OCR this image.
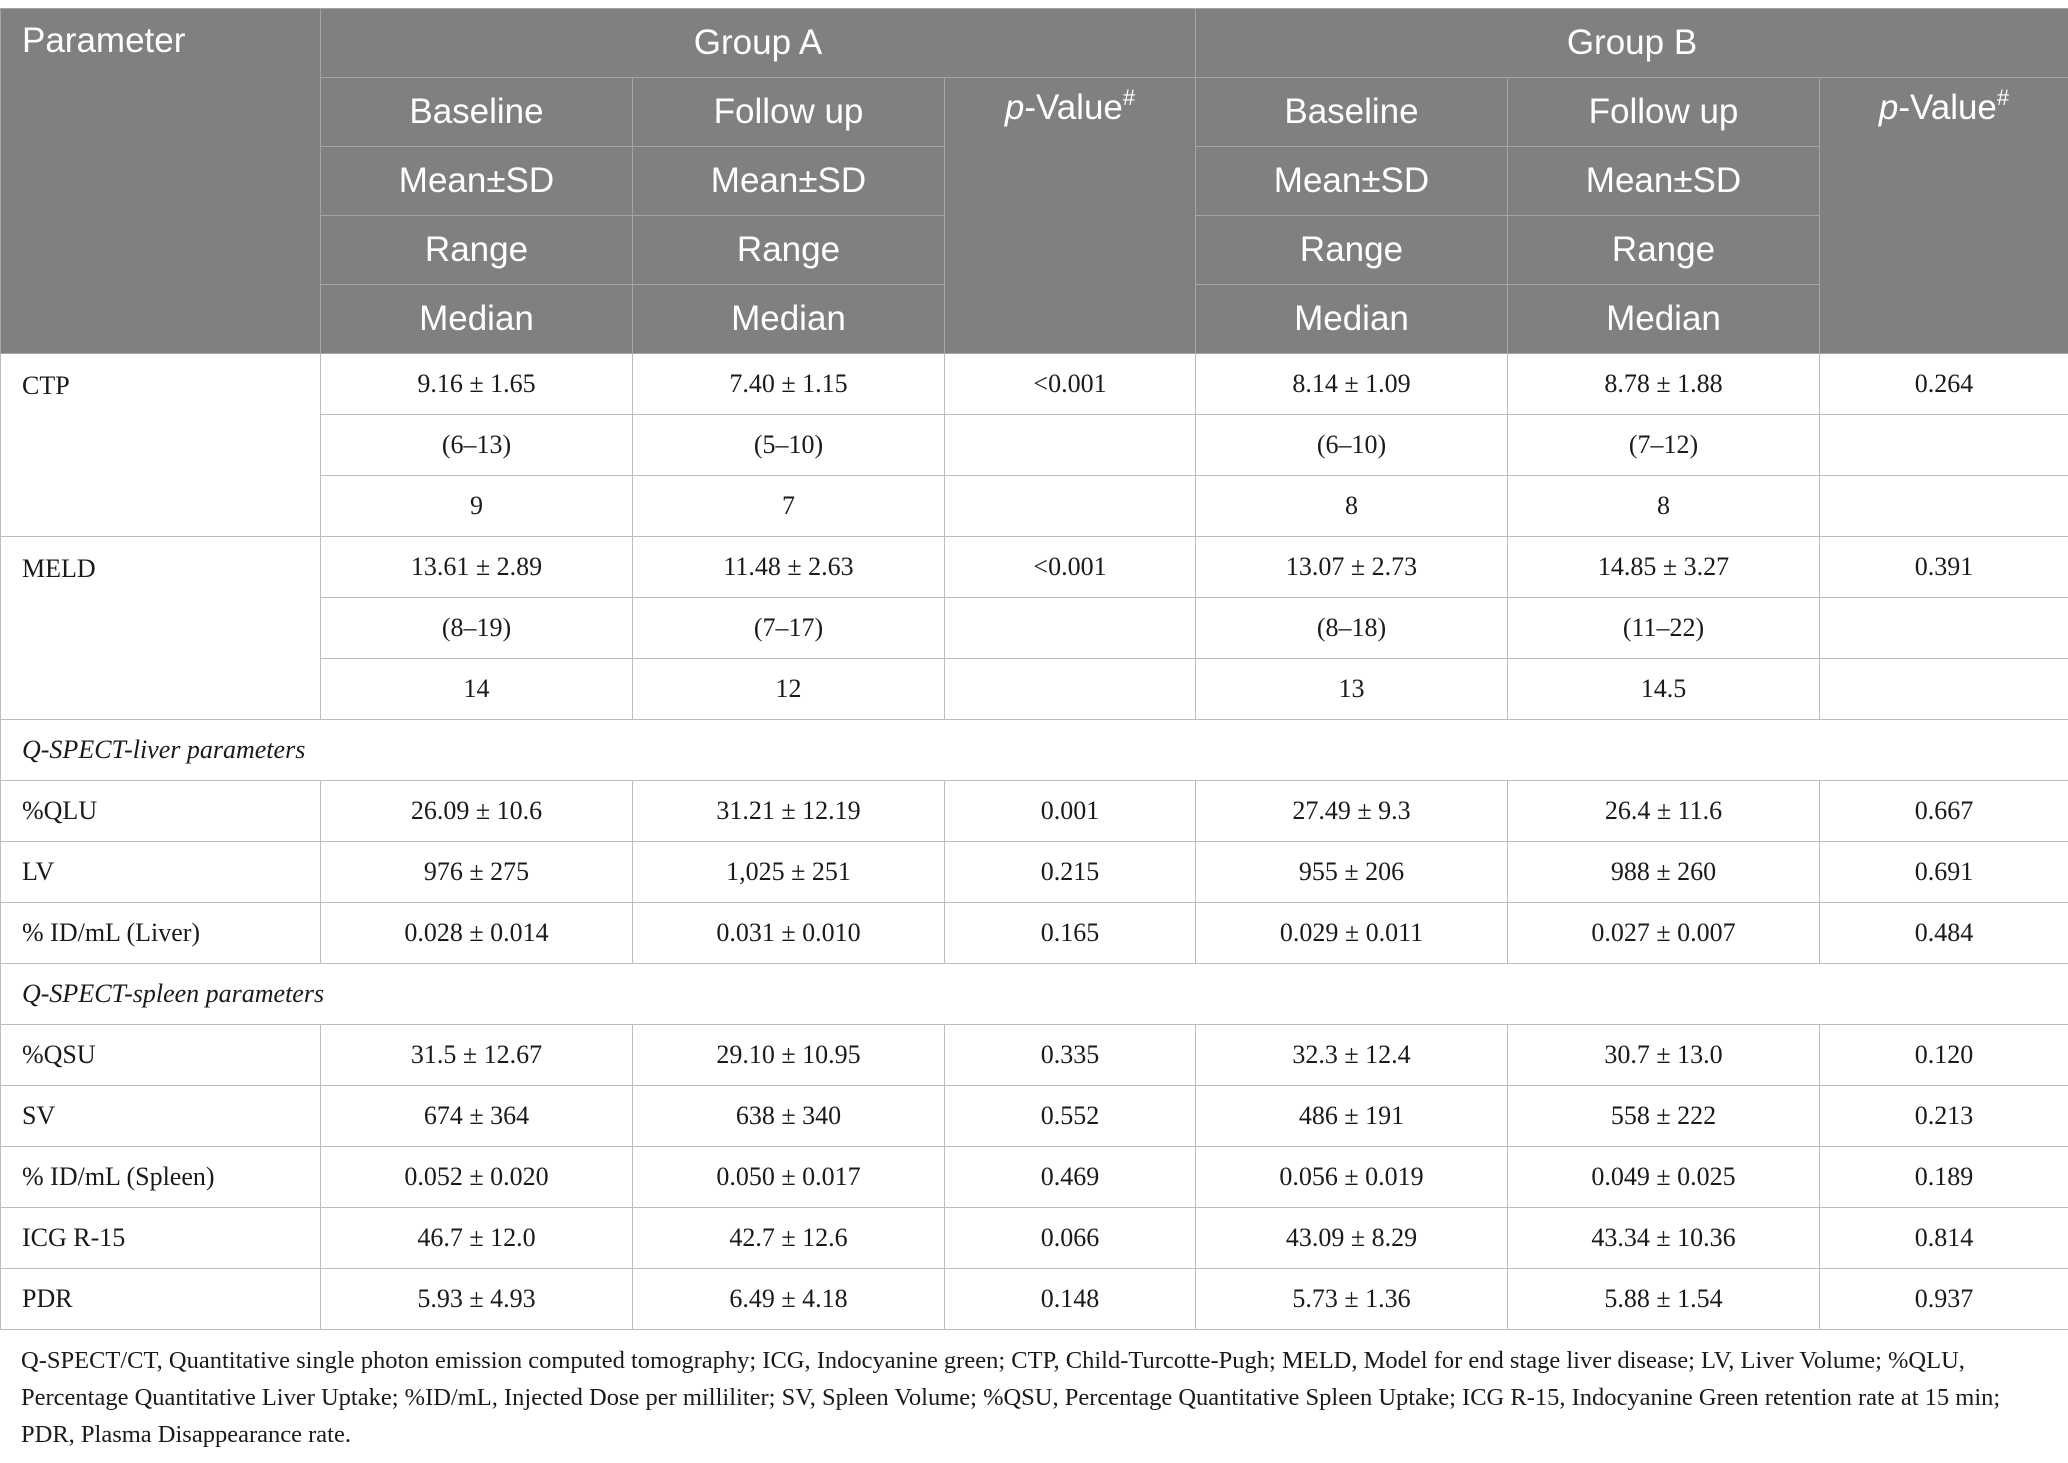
Parameter	Group A			Group B		
	Baseline	Follow up	p-Value#	Baseline	Follow up	p-Value#
	Mean±SD	Mean±SD		Mean±SD	Mean±SD	
	Range	Range		Range	Range	
	Median	Median		Median	Median	
CTP	9.16 ± 1.65	7.40 ± 1.15	<0.001	8.14 ± 1.09	8.78 ± 1.88	0.264
	(6–13)	(5–10)		(6–10)	(7–12)	
	9	7		8	8	
MELD	13.61 ± 2.89	11.48 ± 2.63	<0.001	13.07 ± 2.73	14.85 ± 3.27	0.391
	(8–19)	(7–17)		(8–18)	(11–22)	
	14	12		13	14.5	
Q-SPECT-liver parameters						
%QLU	26.09 ± 10.6	31.21 ± 12.19	0.001	27.49 ± 9.3	26.4 ± 11.6	0.667
LV	976 ± 275	1,025 ± 251	0.215	955 ± 206	988 ± 260	0.691
% ID/mL (Liver)	0.028 ± 0.014	0.031 ± 0.010	0.165	0.029 ± 0.011	0.027 ± 0.007	0.484
Q-SPECT-spleen parameters						
%QSU	31.5 ± 12.67	29.10 ± 10.95	0.335	32.3 ± 12.4	30.7 ± 13.0	0.120
SV	674 ± 364	638 ± 340	0.552	486 ± 191	558 ± 222	0.213
% ID/mL (Spleen)	0.052 ± 0.020	0.050 ± 0.017	0.469	0.056 ± 0.019	0.049 ± 0.025	0.189
ICG R-15	46.7 ± 12.0	42.7 ± 12.6	0.066	43.09 ± 8.29	43.34 ± 10.36	0.814
PDR	5.93 ± 4.93	6.49 ± 4.18	0.148	5.73 ± 1.36	5.88 ± 1.54	0.937

Q-SPECT/CT, Quantitative single photon emission computed tomography; ICG, Indocyanine green; CTP, Child-Turcotte-Pugh; MELD, Model for end stage liver disease; LV, Liver Volume; %QLU, Percentage Quantitative Liver Uptake; %ID/mL, Injected Dose per milliliter; SV, Spleen Volume; %QSU, Percentage Quantitative Spleen Uptake; ICG R-15, Indocyanine Green retention rate at 15 min; PDR, Plasma Disappearance rate.
